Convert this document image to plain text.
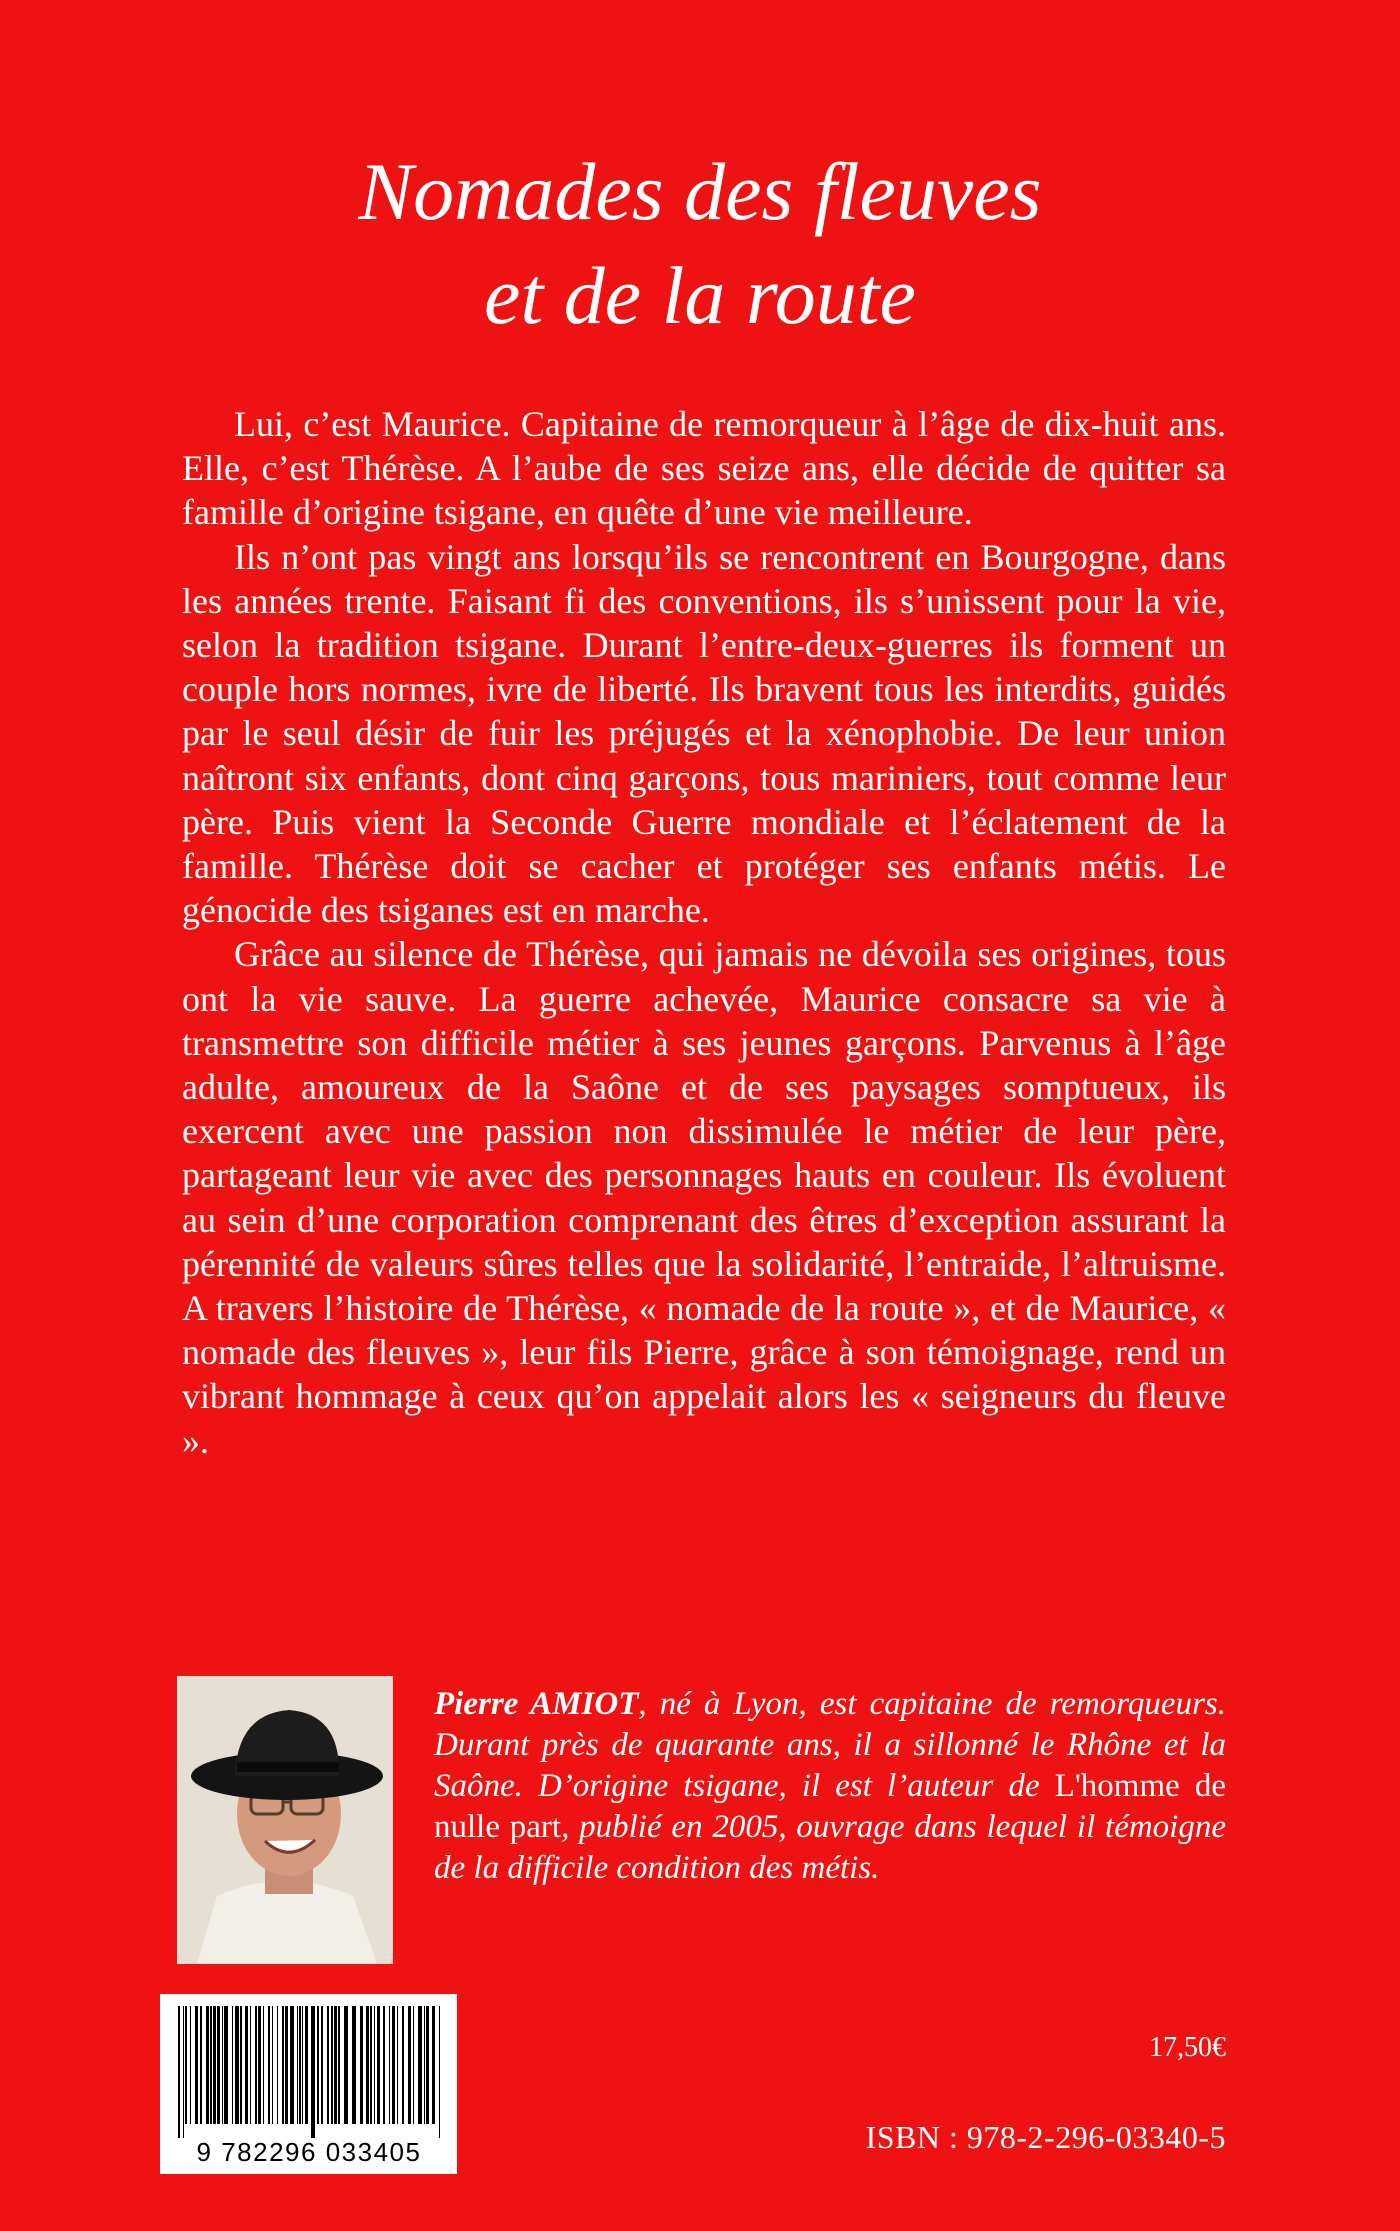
Nomades des fleuves
et de la route

Lui, c’est Maurice. Capitaine de remorqueur à l’âge de dix-huit ans. Elle, c’est Thérèse. A l’aube de ses seize ans, elle décide de quitter sa famille d’origine tsigane, en quête d’une vie meilleure.

Ils n’ont pas vingt ans lorsqu’ils se rencontrent en Bourgogne, dans les années trente. Faisant fi des conventions, ils s’unissent pour la vie, selon la tradition tsigane. Durant l’entre-deux-guerres ils forment un couple hors normes, ivre de liberté. Ils bravent tous les interdits, guidés par le seul désir de fuir les préjugés et la xénophobie. De leur union naîtront six enfants, dont cinq garçons, tous mariniers, tout comme leur père. Puis vient la Seconde Guerre mondiale et l’éclatement de la famille. Thérèse doit se cacher et protéger ses enfants métis. Le génocide des tsiganes est en marche.

Grâce au silence de Thérèse, qui jamais ne dévoila ses origines, tous ont la vie sauve. La guerre achevée, Maurice consacre sa vie à transmettre son difficile métier à ses jeunes garçons. Parvenus à l’âge adulte, amoureux de la Saône et de ses paysages somptueux, ils exercent avec une passion non dissimulée le métier de leur père, partageant leur vie avec des personnages hauts en couleur. Ils évoluent au sein d’une corporation comprenant des êtres d’exception assurant la pérennité de valeurs sûres telles que la solidarité, l’entraide, l’altruisme. A travers l’histoire de Thérèse, « nomade de la route », et de Maurice, « nomade des fleuves », leur fils Pierre, grâce à son témoignage, rend un vibrant hommage à ceux qu’on appelait alors les « seigneurs du fleuve ».

Pierre AMIOT, né à Lyon, est capitaine de remorqueurs. Durant près de quarante ans, il a sillonné le Rhône et la Saône. D’origine tsigane, il est l’auteur de L'homme de nulle part, publié en 2005, ouvrage dans lequel il témoigne de la difficile condition des métis.
9 782296 033405
17,50€
ISBN : 978-2-296-03340-5
